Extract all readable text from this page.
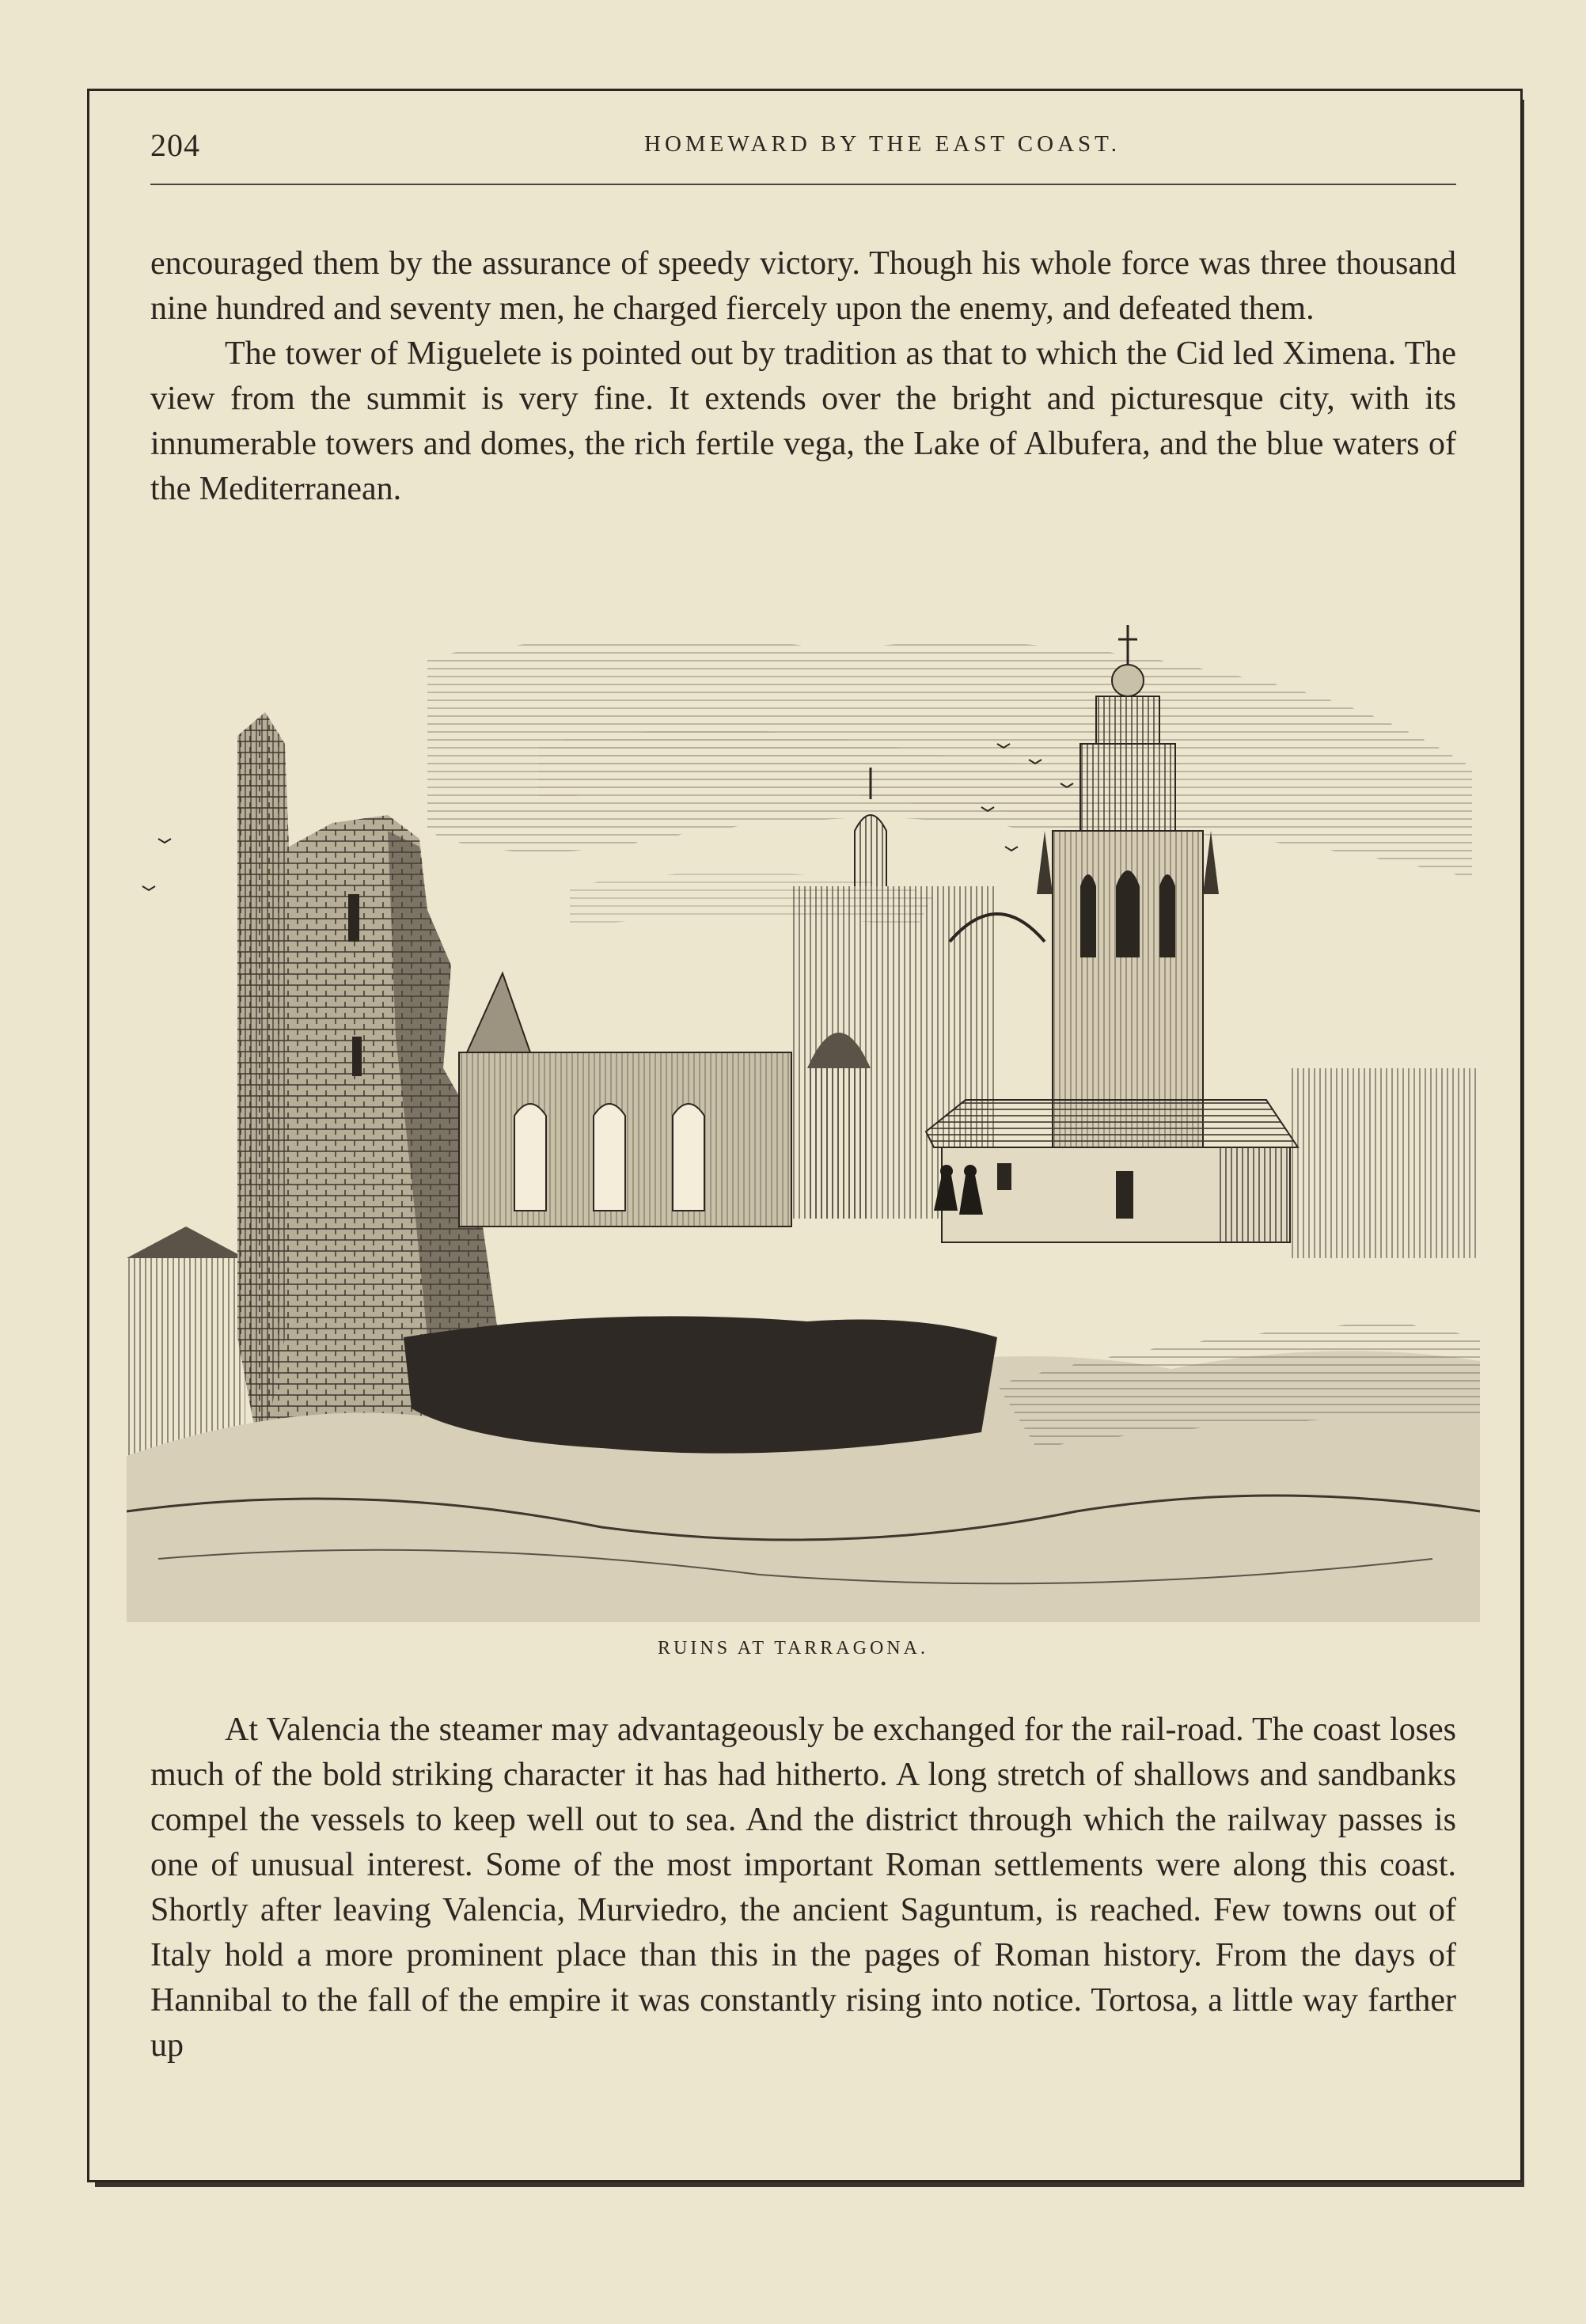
204	HOMEWARD BY THE EAST COAST.

encouraged them by the assurance of speedy victory. Though his whole force was three thousand nine hundred and seventy men, he charged fiercely upon the enemy, and defeated them.

The tower of Miguelete is pointed out by tradition as that to which the Cid led Ximena. The view from the summit is very fine. It extends over the bright and picturesque city, with its innumerable towers and domes, the rich fertile vega, the Lake of Albufera, and the blue waters of the Mediterranean.

RUINS AT TARRAGONA.

At Valencia the steamer may advantageously be exchanged for the rail-road. The coast loses much of the bold striking character it has had hitherto. A long stretch of shallows and sandbanks compel the vessels to keep well out to sea. And the district through which the railway passes is one of unusual interest. Some of the most important Roman settlements were along this coast. Shortly after leaving Valencia, Murviedro, the ancient Saguntum, is reached. Few towns out of Italy hold a more prominent place than this in the pages of Roman history. From the days of Hannibal to the fall of the empire it was constantly rising into notice. Tortosa, a little way farther up
